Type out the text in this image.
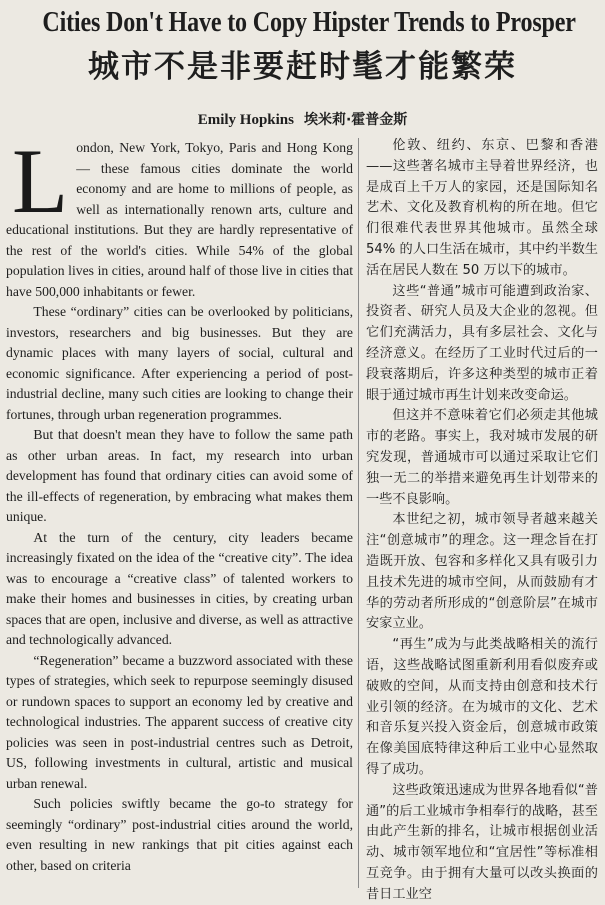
Cities Don't Have to Copy Hipster Trends to Prosper
城市不是非要赶时髦才能繁荣
Emily Hopkins 埃米莉·霍普金斯

London, New York, Tokyo, Paris and Hong Kong — these famous cities dominate the world economy and are home to millions of people, as well as internationally renown arts, culture and educational institutions. But they are hardly representative of the rest of the world's cities. While 54% of the global population lives in cities, around half of those live in cities that have 500,000 inhabitants or fewer.

These “ordinary” cities can be overlooked by politicians, investors, researchers and big businesses. But they are dynamic places with many layers of social, cultural and economic significance. After experiencing a period of post-industrial decline, many such cities are looking to change their fortunes, through urban regeneration programmes.

But that doesn't mean they have to follow the same path as other urban areas. In fact, my research into urban development has found that ordinary cities can avoid some of the ill-effects of regeneration, by embracing what makes them unique.

At the turn of the century, city leaders became increasingly fixated on the idea of the “creative city”. The idea was to encourage a “creative class” of talented workers to make their homes and businesses in cities, by creating urban spaces that are open, inclusive and diverse, as well as attractive and technologically advanced.

“Regeneration” became a buzzword associated with these types of strategies, which seek to repurpose seemingly disused or rundown spaces to support an economy led by creative and technological industries. The apparent success of creative city policies was seen in post-industrial centres such as Detroit, US, following investments in cultural, artistic and musical urban renewal.

Such policies swiftly became the go-to strategy for seemingly “ordinary” post-industrial cities around the world, even resulting in new rankings that pit cities against each other, based on criteria

伦敦、纽约、东京、巴黎和香港——这些著名城市主导着世界经济，也是成百上千万人的家园，还是国际知名艺术、文化及教育机构的所在地。但它们很难代表世界其他城市。虽然全球 54% 的人口生活在城市，其中约半数生活在居民人数在 50 万以下的城市。

这些“普通”城市可能遭到政治家、投资者、研究人员及大企业的忽视。但它们充满活力，具有多层社会、文化与经济意义。在经历了工业时代过后的一段衰落期后，许多这种类型的城市正着眼于通过城市再生计划来改变命运。

但这并不意味着它们必须走其他城市的老路。事实上，我对城市发展的研究发现，普通城市可以通过采取让它们独一无二的举措来避免再生计划带来的一些不良影响。

本世纪之初，城市领导者越来越关注“创意城市”的理念。这一理念旨在打造既开放、包容和多样化又具有吸引力且技术先进的城市空间，从而鼓励有才华的劳动者所形成的“创意阶层”在城市安家立业。

“再生”成为与此类战略相关的流行语，这些战略试图重新利用看似废弃或破败的空间，从而支持由创意和技术行业引领的经济。在为城市的文化、艺术和音乐复兴投入资金后，创意城市政策在像美国底特律这种后工业中心显然取得了成功。

这些政策迅速成为世界各地看似“普通”的后工业城市争相奉行的战略，甚至由此产生新的排名，让城市根据创业活动、城市领军地位和“宜居性”等标准相互竞争。由于拥有大量可以改头换面的昔日工业空
